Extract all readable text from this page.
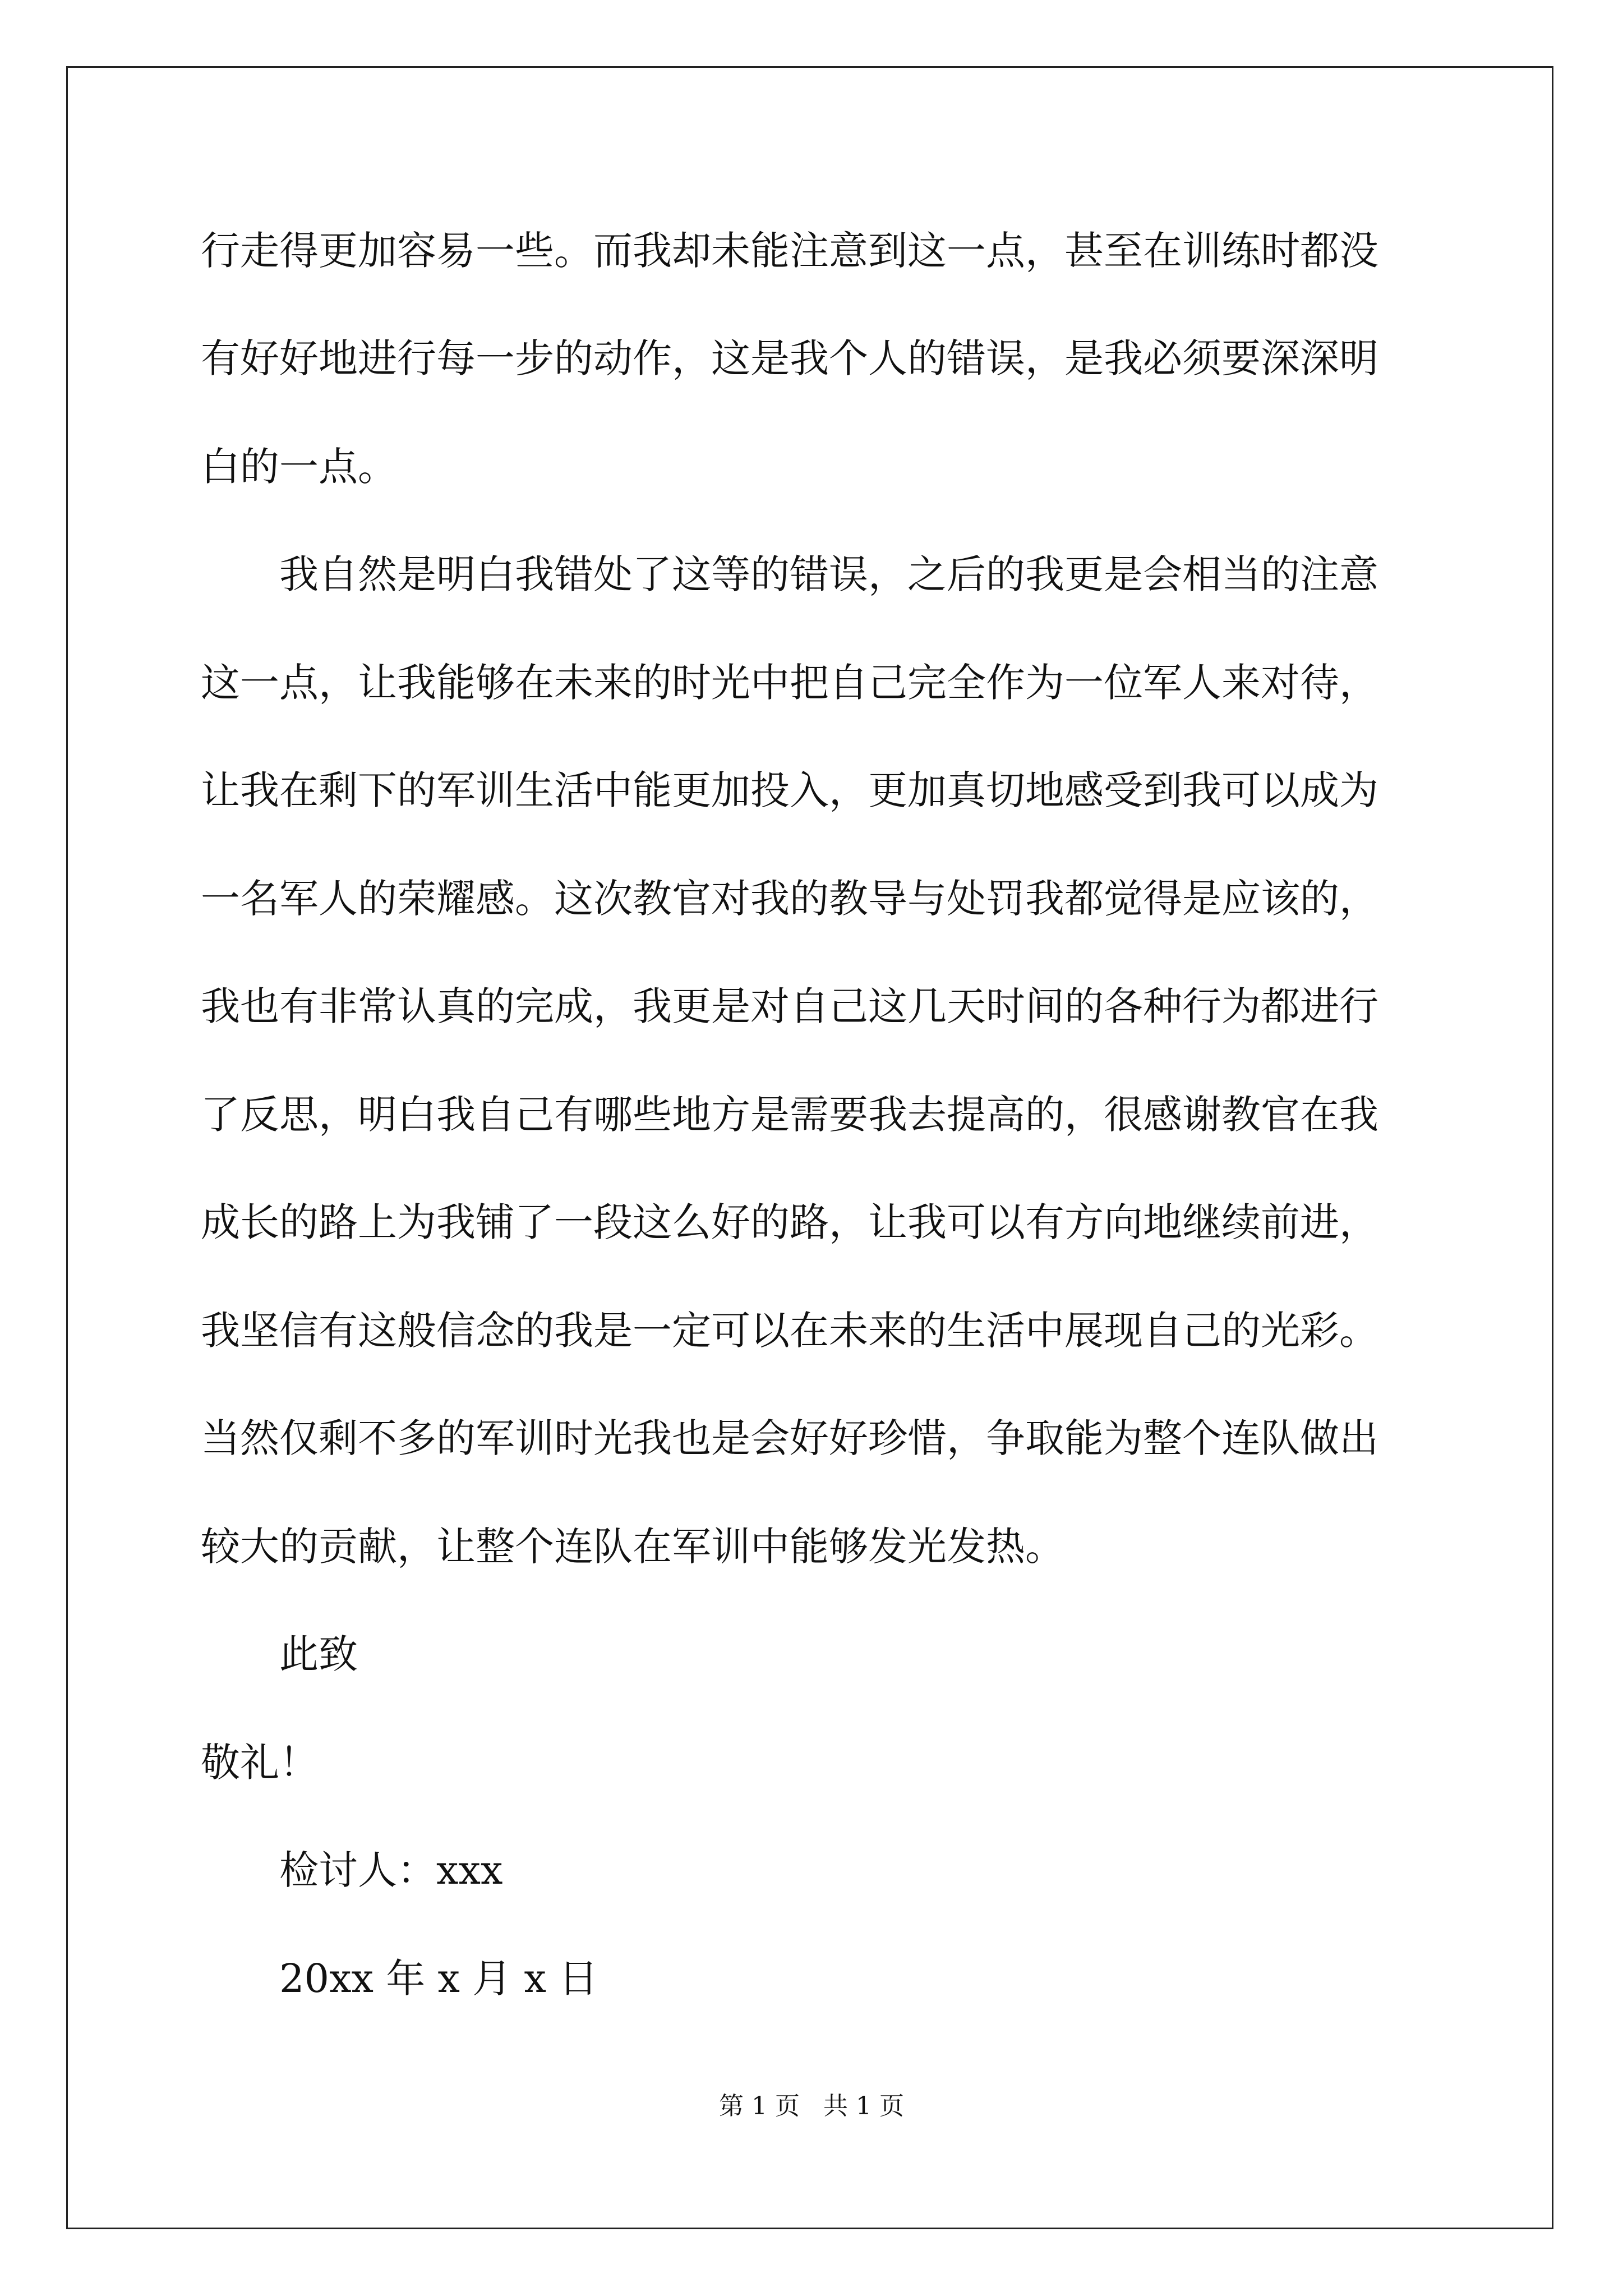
行走得更加容易一些。而我却未能注意到这一点，甚至在训练时都没
有好好地进行每一步的动作，这是我个人的错误，是我必须要深深明
白的一点。
我自然是明白我错处了这等的错误，之后的我更是会相当的注意
这一点，让我能够在未来的时光中把自己完全作为一位军人来对待，
让我在剩下的军训生活中能更加投入，更加真切地感受到我可以成为
一名军人的荣耀感。这次教官对我的教导与处罚我都觉得是应该的，
我也有非常认真的完成，我更是对自己这几天时间的各种行为都进行
了反思，明白我自己有哪些地方是需要我去提高的，很感谢教官在我
成长的路上为我铺了一段这么好的路，让我可以有方向地继续前进，
我坚信有这般信念的我是一定可以在未来的生活中展现自己的光彩。
当然仅剩不多的军训时光我也是会好好珍惜，争取能为整个连队做出
较大的贡献，让整个连队在军训中能够发光发热。
此致
敬礼！
检讨人：xxx
20xx 年 x 月 x 日
第 1 页 共 1 页
